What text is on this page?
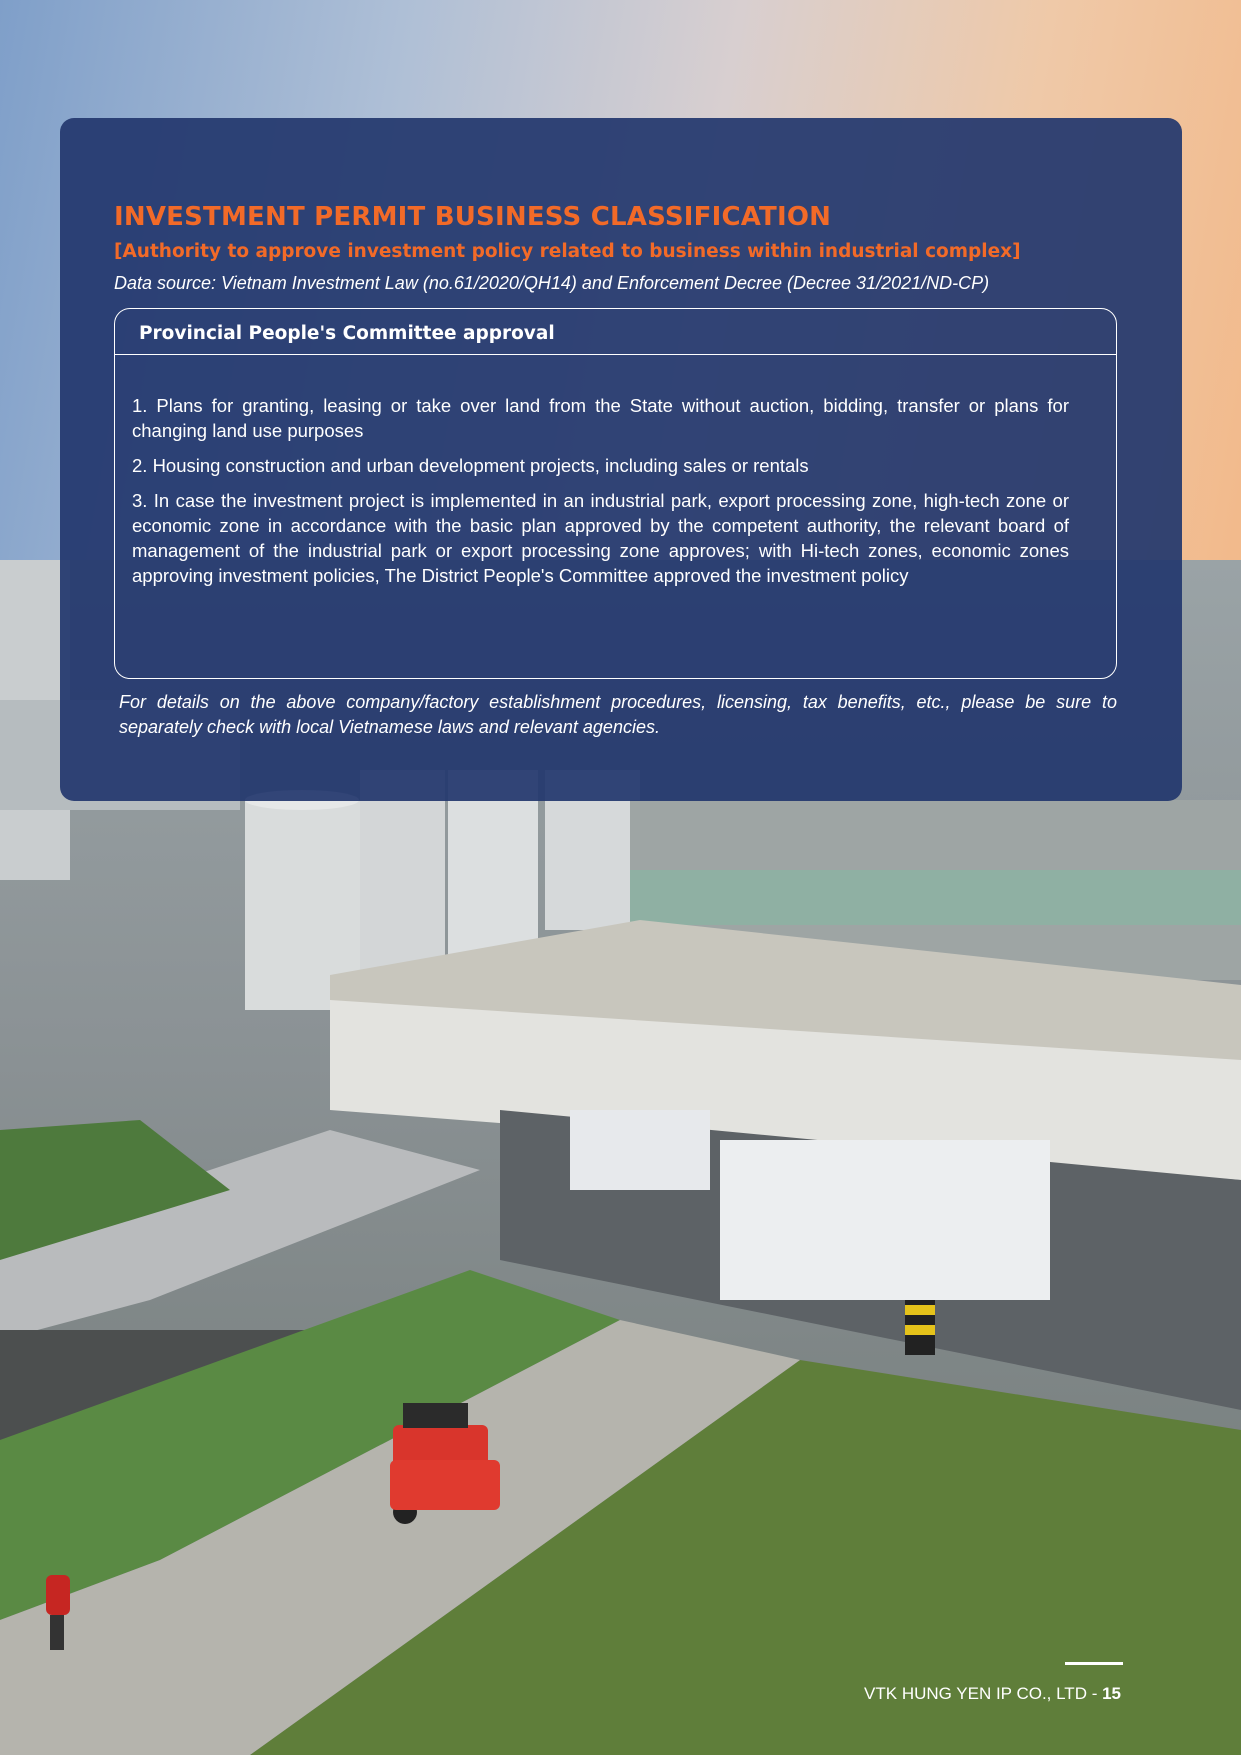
INVESTMENT PERMIT BUSINESS CLASSIFICATION
[Authority to approve investment policy related to business within industrial complex]
Data source: Vietnam Investment Law (no.61/2020/QH14) and Enforcement Decree (Decree 31/2021/ND-CP)
Provincial People's Committee approval
1. Plans for granting, leasing or take over land from the State without auction, bidding, transfer or plans for changing land use purposes
2. Housing construction and urban development projects, including sales or rentals
3. In case the investment project is implemented in an industrial park, export processing zone, high-tech zone or economic zone in accordance with the basic plan approved by the competent authority, the relevant board of management of the industrial park or export processing zone approves; with Hi-tech zones, economic zones approving investment policies, The District People's Committee approved the investment policy
For details on the above company/factory establishment procedures, licensing, tax benefits, etc., please be sure to separately check with local Vietnamese laws and relevant agencies.
VTK HUNG YEN IP CO., LTD - 15
